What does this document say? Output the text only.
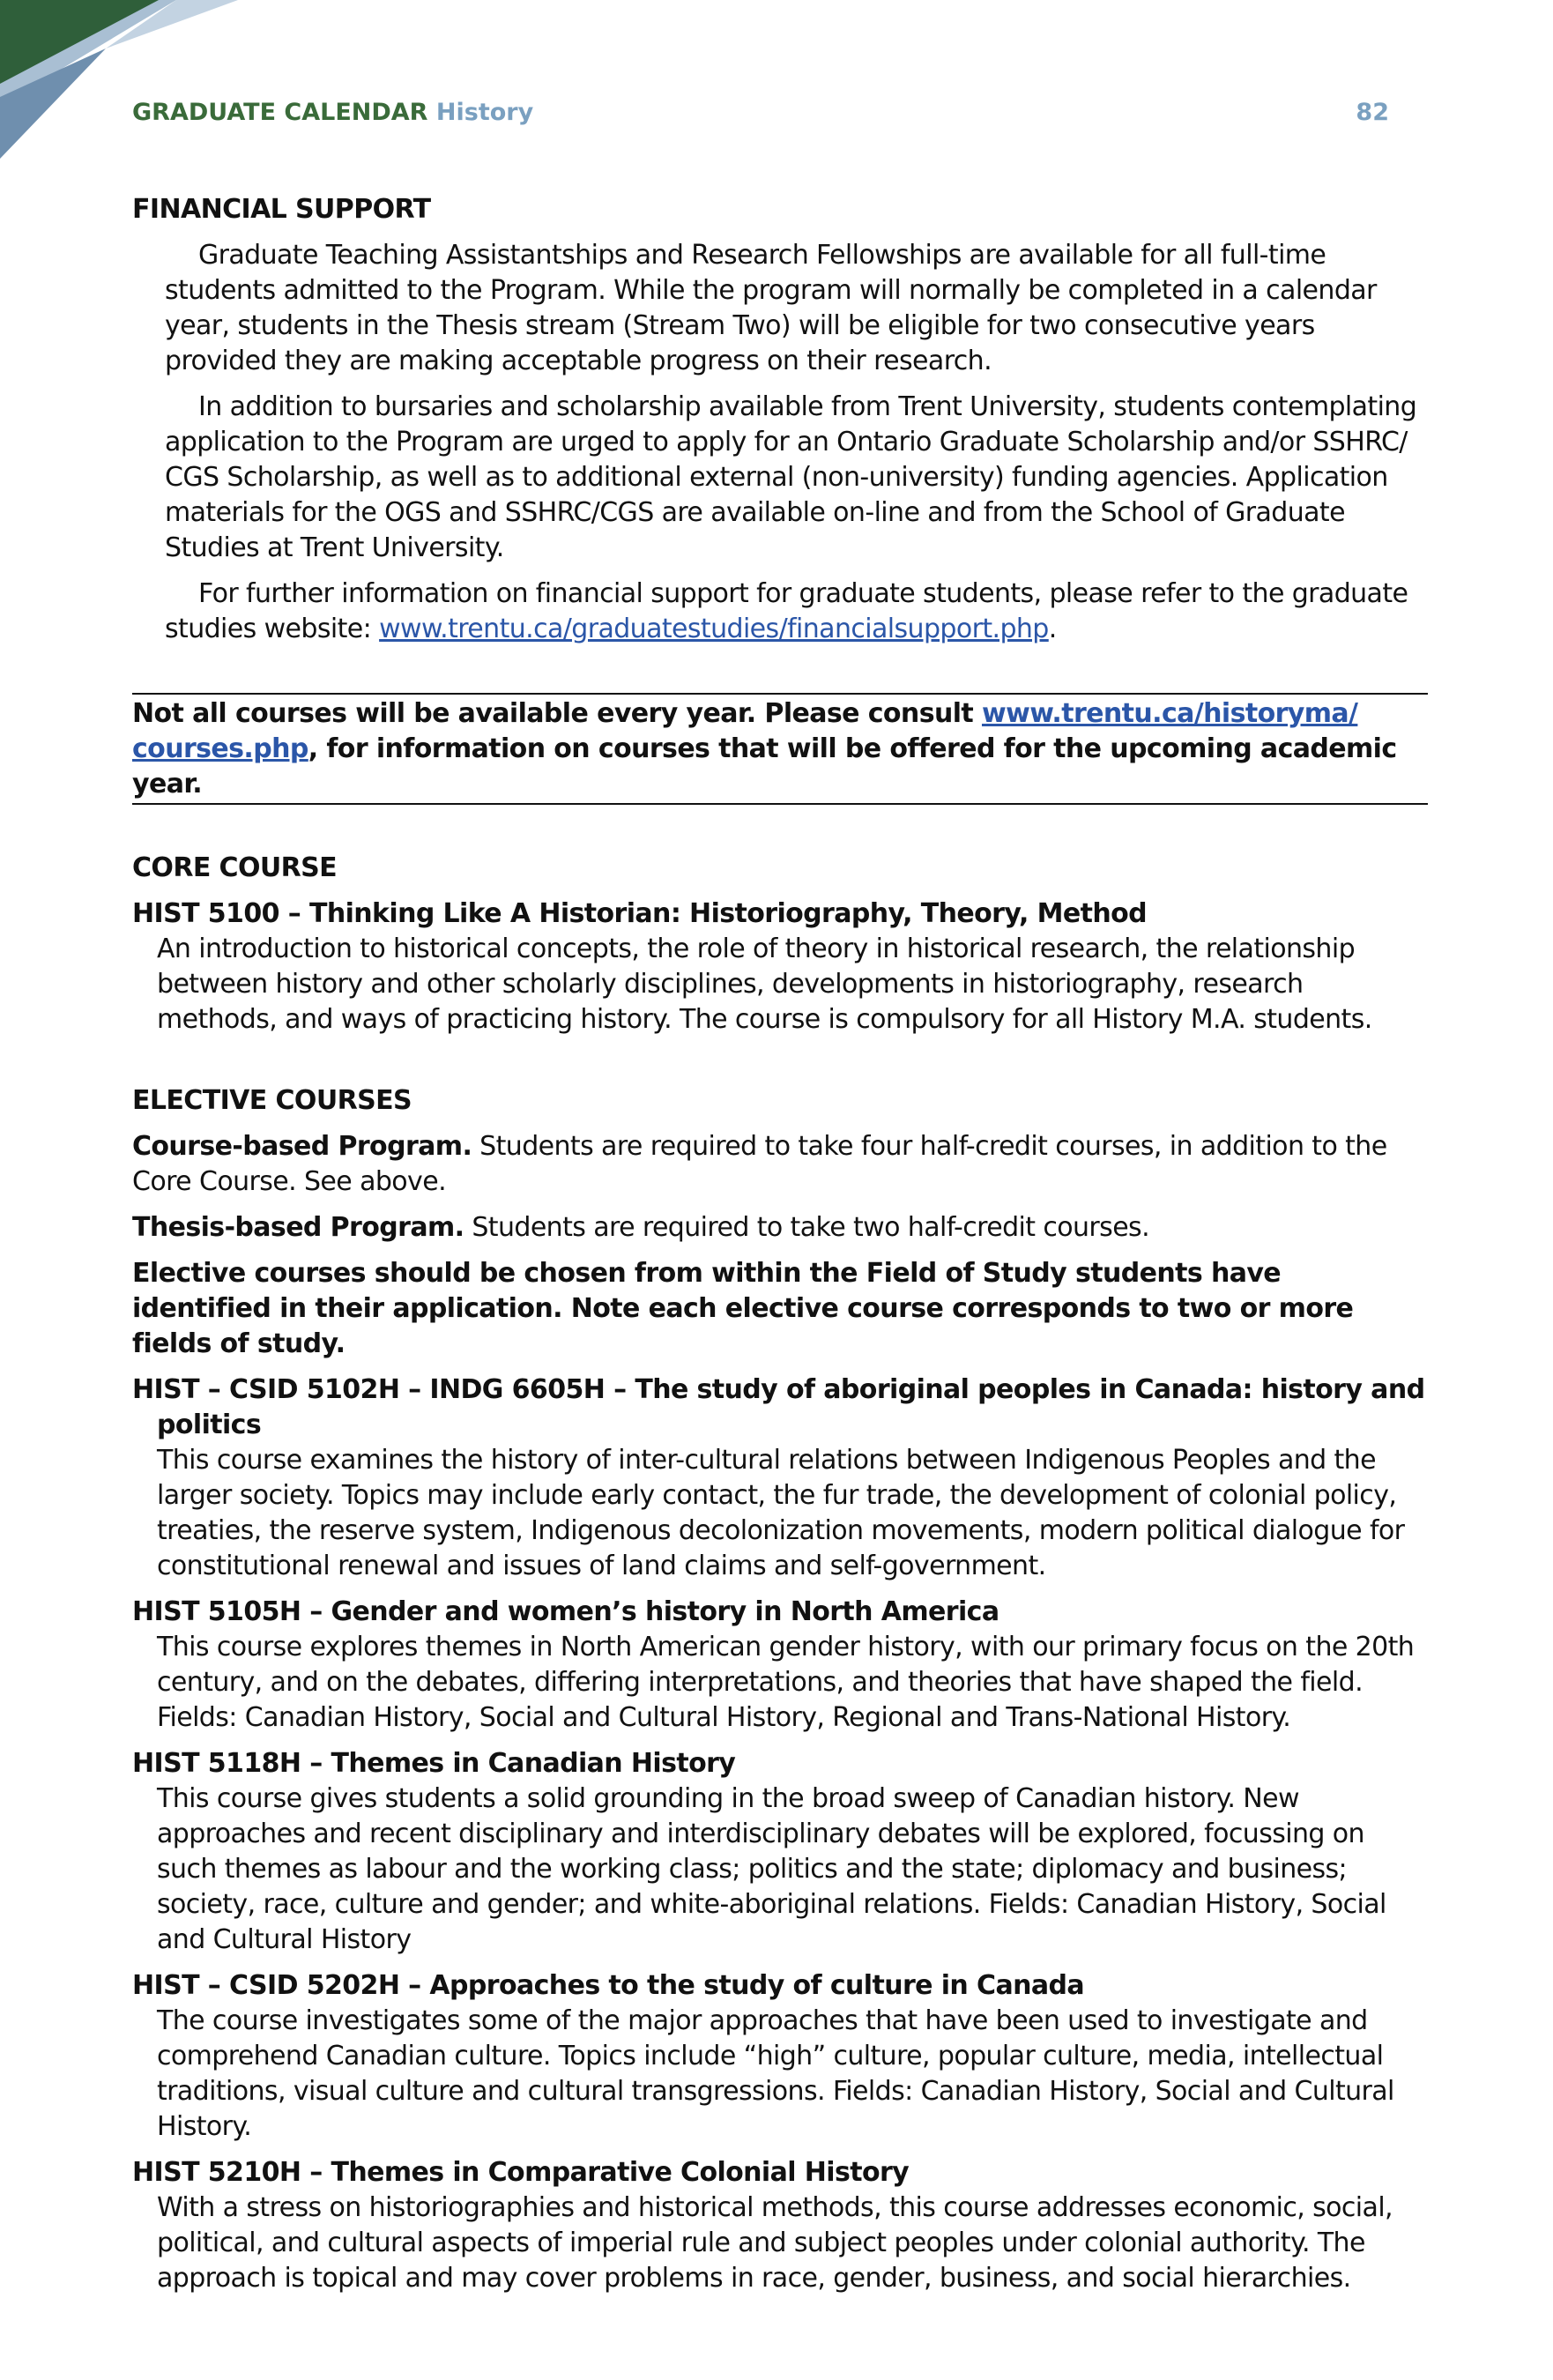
GRADUATE CALENDAR History	82
FINANCIAL SUPPORT

Graduate Teaching Assistantships and Research Fellowships are available for all full-time students admitted to the Program. While the program will normally be completed in a calendar year, students in the Thesis stream (Stream Two) will be eligible for two consecutive years provided they are making acceptable progress on their research.

In addition to bursaries and scholarship available from Trent University, students contemplating application to the Program are urged to apply for an Ontario Graduate Scholarship and/or SSHRC/ CGS Scholarship, as well as to additional external (non-university) funding agencies. Application materials for the OGS and SSHRC/CGS are available on-line and from the School of Graduate Studies at Trent University.

For further information on financial support for graduate students, please refer to the graduate studies website: www.trentu.ca/graduatestudies/financialsupport.php.

Not all courses will be available every year. Please consult www.trentu.ca/historyma/ courses.php, for information on courses that will be offered for the upcoming academic year.
CORE COURSE

HIST 5100 – Thinking Like A Historian: Historiography, Theory, Method

An introduction to historical concepts, the role of theory in historical research, the relationship between history and other scholarly disciplines, developments in historiography, research methods, and ways of practicing history. The course is compulsory for all History M.A. students.

ELECTIVE COURSES

Course-based Program. Students are required to take four half-credit courses, in addition to the Core Course. See above.

Thesis-based Program. Students are required to take two half-credit courses.

Elective courses should be chosen from within the Field of Study students have identified in their application. Note each elective course corresponds to two or more fields of study.

HIST – CSID 5102H – INDG 6605H – The study of aboriginal peoples in Canada: history and politics

This course examines the history of inter-cultural relations between Indigenous Peoples and the larger society. Topics may include early contact, the fur trade, the development of colonial policy, treaties, the reserve system, Indigenous decolonization movements, modern political dialogue for constitutional renewal and issues of land claims and self-government.

HIST 5105H – Gender and women’s history in North America

This course explores themes in North American gender history, with our primary focus on the 20th century, and on the debates, differing interpretations, and theories that have shaped the field. Fields: Canadian History, Social and Cultural History, Regional and Trans-National History.

HIST 5118H – Themes in Canadian History

This course gives students a solid grounding in the broad sweep of Canadian history. New approaches and recent disciplinary and interdisciplinary debates will be explored, focussing on such themes as labour and the working class; politics and the state; diplomacy and business; society, race, culture and gender; and white-aboriginal relations. Fields: Canadian History, Social and Cultural History

HIST – CSID 5202H – Approaches to the study of culture in Canada

The course investigates some of the major approaches that have been used to investigate and comprehend Canadian culture. Topics include “high” culture, popular culture, media, intellectual traditions, visual culture and cultural transgressions. Fields: Canadian History, Social and Cultural History.

HIST 5210H – Themes in Comparative Colonial History

With a stress on historiographies and historical methods, this course addresses economic, social, political, and cultural aspects of imperial rule and subject peoples under colonial authority. The approach is topical and may cover problems in race, gender, business, and social hierarchies.
